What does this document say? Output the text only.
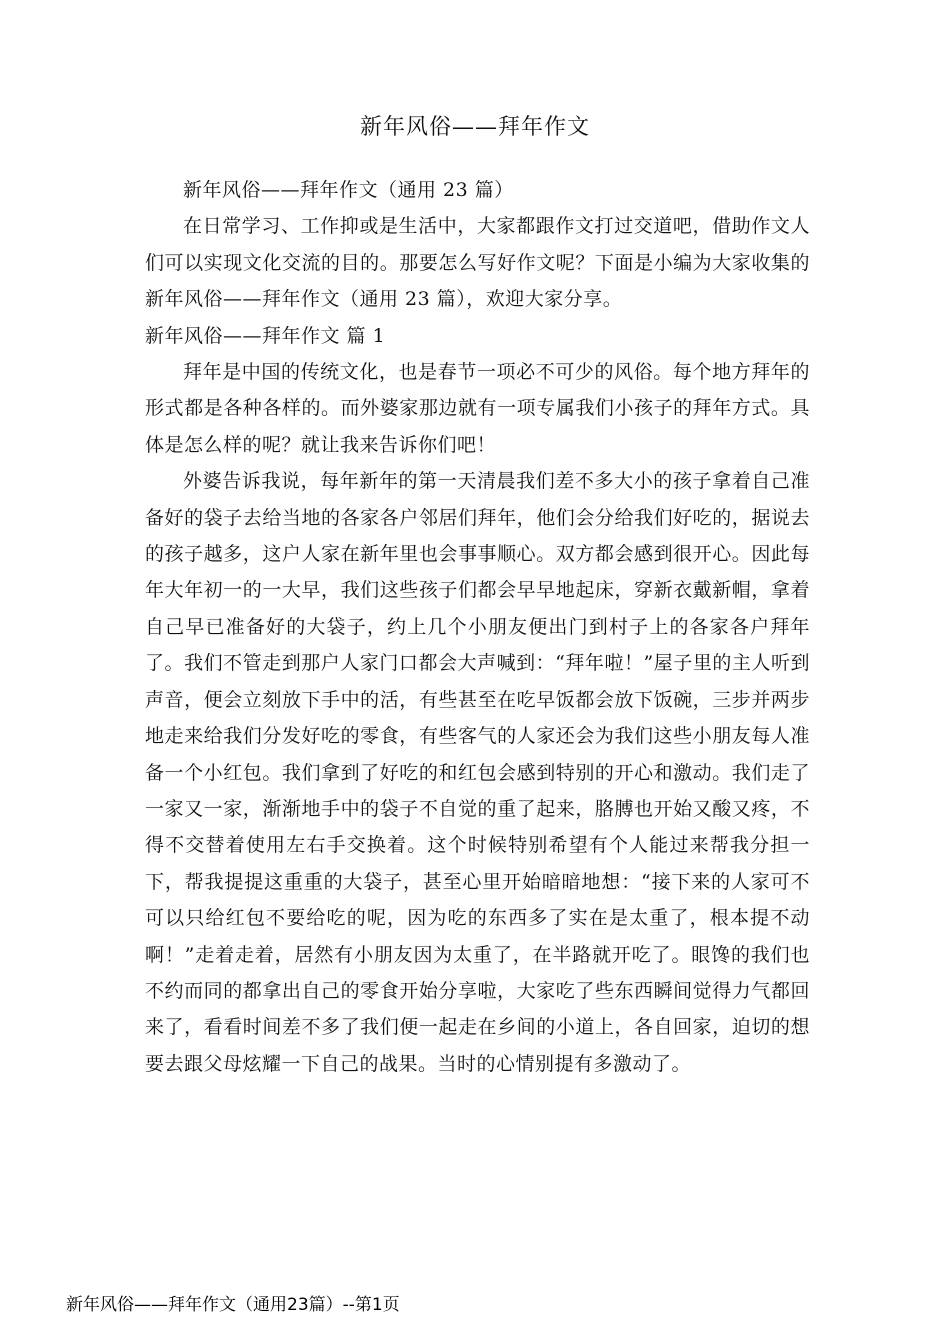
新年风俗——拜年作文

新年风俗——拜年作文（通用 23 篇）

在日常学习、工作抑或是生活中，大家都跟作文打过交道吧，借助作文人们可以实现文化交流的目的。那要怎么写好作文呢？下面是小编为大家收集的新年风俗——拜年作文（通用 23 篇），欢迎大家分享。

新年风俗——拜年作文 篇 1

拜年是中国的传统文化，也是春节一项必不可少的风俗。每个地方拜年的形式都是各种各样的。而外婆家那边就有一项专属我们小孩子的拜年方式。具体是怎么样的呢？就让我来告诉你们吧！

外婆告诉我说，每年新年的第一天清晨我们差不多大小的孩子拿着自己准备好的袋子去给当地的各家各户邻居们拜年，他们会分给我们好吃的，据说去的孩子越多，这户人家在新年里也会事事顺心。双方都会感到很开心。因此每年大年初一的一大早，我们这些孩子们都会早早地起床，穿新衣戴新帽，拿着自己早已准备好的大袋子，约上几个小朋友便出门到村子上的各家各户拜年了。我们不管走到那户人家门口都会大声喊到：“拜年啦！”屋子里的主人听到声音，便会立刻放下手中的活，有些甚至在吃早饭都会放下饭碗，三步并两步地走来给我们分发好吃的零食，有些客气的人家还会为我们这些小朋友每人准备一个小红包。我们拿到了好吃的和红包会感到特别的开心和激动。我们走了一家又一家，渐渐地手中的袋子不自觉的重了起来，胳膊也开始又酸又疼，不得不交替着使用左右手交换着。这个时候特别希望有个人能过来帮我分担一下，帮我提提这重重的大袋子，甚至心里开始暗暗地想：“接下来的人家可不可以只给红包不要给吃的呢，因为吃的东西多了实在是太重了，根本提不动啊！”走着走着，居然有小朋友因为太重了，在半路就开吃了。眼馋的我们也不约而同的都拿出自己的零食开始分享啦，大家吃了些东西瞬间觉得力气都回来了，看看时间差不多了我们便一起走在乡间的小道上，各自回家，迫切的想要去跟父母炫耀一下自己的战果。当时的心情别提有多激动了。

新年风俗——拜年作文（通用23篇）--第1页
